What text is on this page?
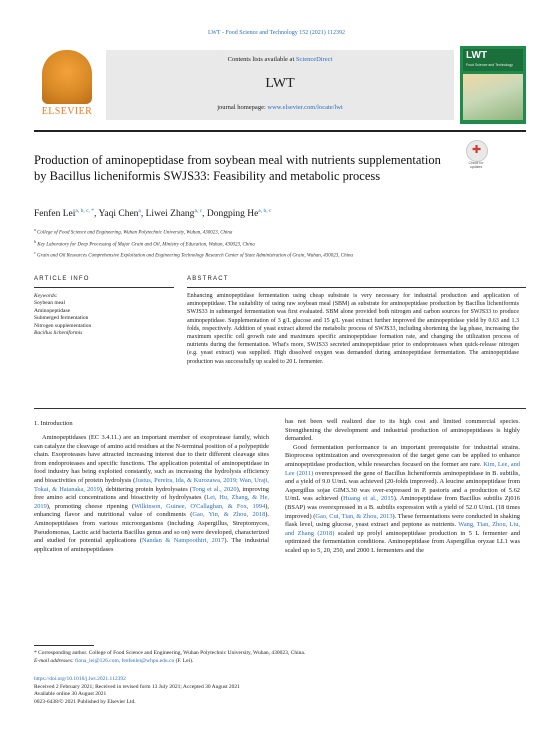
LWT - Food Science and Technology 152 (2021) 112392
ELSEVIER
Contents lists available at ScienceDirect
LWT
journal homepage: www.elsevier.com/locate/lwt
LWT
Food Science and Technology
Production of aminopeptidase from soybean meal with nutrients supplementation by Bacillus licheniformis SWJS33: Feasibility and metabolic process
✚
Check for
updates
Fenfen Lei$^{a, b, c, *}$, Yaqi Chen$^a$, Liwei Zhang$^{a, c}$, Dongping He$^{a, b, c}$
$^a$ College of Food Science and Engineering, Wuhan Polytechnic University, Wuhan, 430023, China
$^b$ Key Laboratory for Deep Processing of Major Grain and Oil, Ministry of Education, Wuhan, 430023, China
$^c$ Grain and Oil Resources Comprehensive Exploitation and Engineering Technology Research Center of State Administration of Grain, Wuhan, 430023, China
ARTICLE INFO	ABSTRACT
Keywords:
Soybean meal
Aminopeptidase
Submerged fermentation
Nitrogen supplementation
Bacillus licheniformis
Enhancing aminopeptidase fermentation using cheap substrate is very necessary for industrial production and application of aminopeptidase. The suitability of using raw soybean meal (SBM) as substrate for aminopeptidase production by Bacillus licheniformis SWJS33 in submerged fermentation was first evaluated. SBM alone provided both nitrogen and carbon sources for SWJS33 to produce aminopeptidase. Supplementation of 3 g/L glucose and 15 g/L yeast extract further improved the aminopeptidase yield by 0.63 and 1.3 folds, respectively. Addition of yeast extract altered the metabolic process of SWJS33, including shortening the lag phase, increasing the maximum specific cell growth rate and maximum specific aminopeptidase formation rate, and changing the utilization process of nutrients during the fermentation. What's more, SWJS33 secreted aminopeptidase prior to endoproteases when quick-release nitrogen (e.g. yeast extract) was supplied. High dissolved oxygen was demanded during aminopeptidase fermentation. The aminopeptidase production was successfully up scaled to 20 L fermenter.
1. Introduction

Aminopeptidases (EC 3.4.11.) are an important member of exoprotease family, which can catalyze the cleavage of amino acid residues at the N-terminal position of a polypeptide chain. Exoproteases have attracted increasing interest due to their different cleavage sites from endoproteases and specific functions. The application potential of aminopeptidase in food industry has being exploited constantly, such as increasing the hydrolysis efficiency and bioactivities of protein hydrolysis (Justus, Pereira, Ida, & Kurozawa, 2019; Wan, Uraji, Tokai, & Hatanaka, 2019), debittering protein hydrolysates (Tong et al., 2020), improving free amino acid concentrations and bioactivity of hydrolysates (Lei, Hu, Zhang, & He, 2019), promoting cheese ripening (Wilkinson, Guinee, O'Callaghan, & Fox, 1994), enhancing flavor and nutritional value of condiments (Gao, Yin, & Zhou, 2018). Aminopeptidases from various microorganisms (including Aspergillus, Streptomyces, Pseudomonas, Lactic acid bacteria Bacillus genus and so on) were developed, characterized and studied for potential applications (Nandan & Nampoothiri, 2017). The industrial application of aminopeptidases

has not been well realized due to its high cost and limited commercial species. Strengthening the development and industrial production of aminopeptidases is highly demanded.

Good fermentation performance is an important prerequisite for industrial strains. Bioprocess optimization and overexpression of the target gene can be applied to enhance aminopeptidase production, while researches focused on the former are rare. Kim, Lee, and Lee (2011) overexpressed the gene of Bacillus licheniformis aminopeptidase in B. subtilis, and a yield of 9.0 U/mL was achieved (20-folds improved). A leucine aminopeptidase from Aspergillus sojae GIM3.30 was over-expressed in P. pastoris and a production of 5.62 U/mL was achieved (Huang et al., 2015). Aminopeptidase from Bacillus subtilis Zj016 (BSAP) was overexpressed in a B. subtilis expression with a yield of 52.0 U/mL (18 times improved) (Gao, Cui, Tian, & Zhou, 2013). These fermentations were conducted in shaking flask level, using glucose, yeast extract and peptone as nutrients. Wang, Tian, Zhou, Liu, and Zhang (2018) scaled up prolyl aminopeptidase production in 5 L fermenter and optimized the fermentation conditions. Aminopeptidase from Aspergillus oryzae LL1 was scaled up to 5, 20, 250, and 2000 L fermenters and the

* Corresponding author. College of Food Science and Engineering, Wuhan Polytechnic University, Wuhan, 430023, China.
E-mail addresses: fiona_lei@126.com, fenfenlei@whpu.edu.cn (F. Lei).
https://doi.org/10.1016/j.lwt.2021.112392
Received 2 February 2021; Received in revised form 13 July 2021; Accepted 30 August 2021
Available online 30 August 2021
0023-6438/© 2021 Published by Elsevier Ltd.
